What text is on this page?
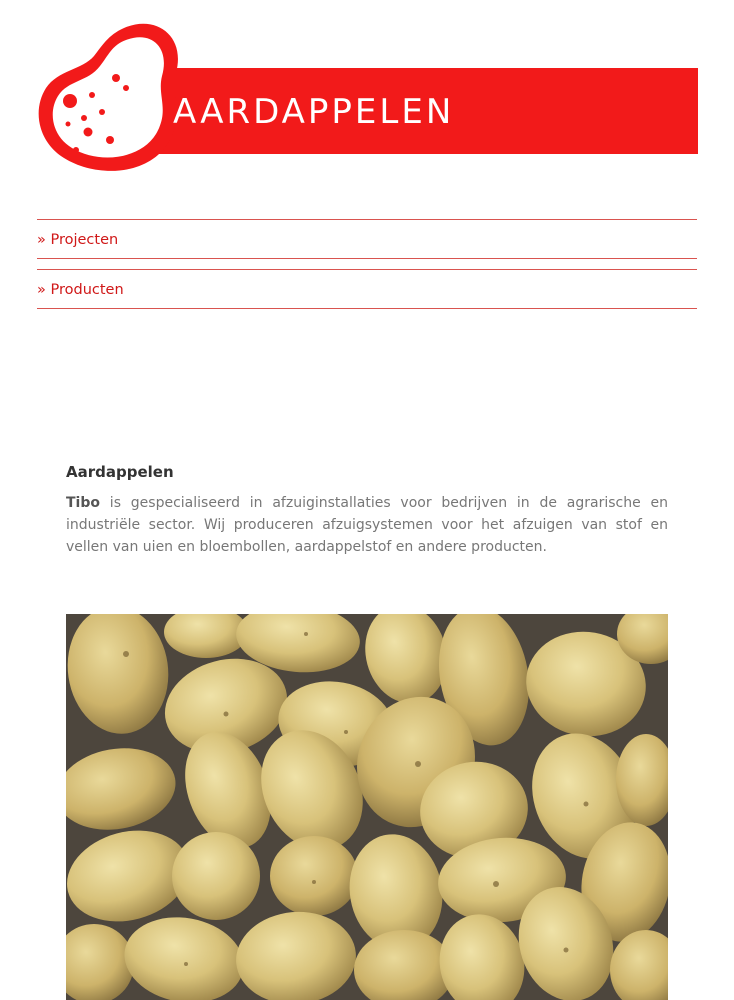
AARDAPPELEN
» Projecten
» Producten
Aardappelen

Tibo is gespecialiseerd in afzuiginstallaties voor bedrijven in de agrarische en industriële sector. Wij produceren afzuigsystemen voor het afzuigen van stof en vellen van uien en bloembollen, aardappelstof en andere producten.
